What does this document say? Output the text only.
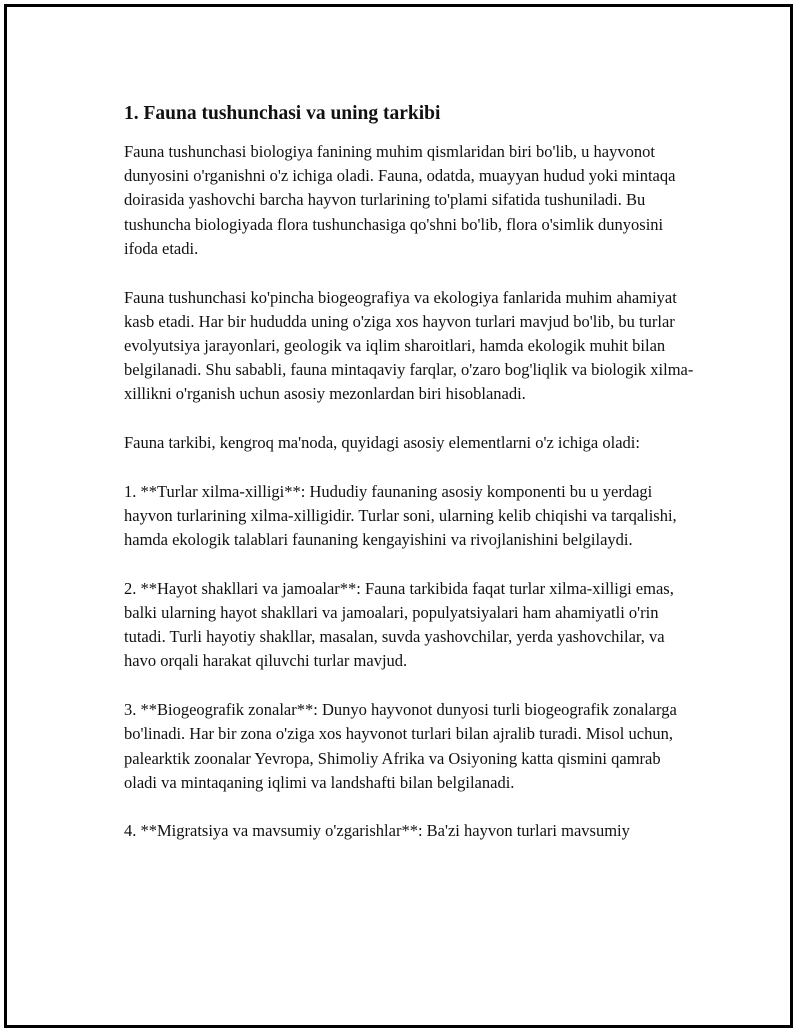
1. Fauna tushunchasi va uning tarkibi

Fauna tushunchasi biologiya fanining muhim qismlaridan biri bo'lib, u hayvonot dunyosini o'rganishni o'z ichiga oladi. Fauna, odatda, muayyan hudud yoki mintaqa doirasida yashovchi barcha hayvon turlarining to'plami sifatida tushuniladi. Bu tushuncha biologiyada flora tushunchasiga qo'shni bo'lib, flora o'simlik dunyosini ifoda etadi.

Fauna tushunchasi ko'pincha biogeografiya va ekologiya fanlarida muhim ahamiyat kasb etadi. Har bir hududda uning o'ziga xos hayvon turlari mavjud bo'lib, bu turlar evolyutsiya jarayonlari, geologik va iqlim sharoitlari, hamda ekologik muhit bilan belgilanadi. Shu sababli, fauna mintaqaviy farqlar, o'zaro bog'liqlik va biologik xilma-xillikni o'rganish uchun asosiy mezonlardan biri hisoblanadi.

Fauna tarkibi, kengroq ma'noda, quyidagi asosiy elementlarni o'z ichiga oladi:

1. **Turlar xilma-xilligi**: Hududiy faunaning asosiy komponenti bu u yerdagi hayvon turlarining xilma-xilligidir. Turlar soni, ularning kelib chiqishi va tarqalishi, hamda ekologik talablari faunaning kengayishini va rivojlanishini belgilaydi.

2. **Hayot shakllari va jamoalar**: Fauna tarkibida faqat turlar xilma-xilligi emas, balki ularning hayot shakllari va jamoalari, populyatsiyalari ham ahamiyatli o'rin tutadi. Turli hayotiy shakllar, masalan, suvda yashovchilar, yerda yashovchilar, va havo orqali harakat qiluvchi turlar mavjud.

3. **Biogeografik zonalar**: Dunyo hayvonot dunyosi turli biogeografik zonalarga bo'linadi. Har bir zona o'ziga xos hayvonot turlari bilan ajralib turadi. Misol uchun, palearktik zoonalar Yevropa, Shimoliy Afrika va Osiyoning katta qismini qamrab oladi va mintaqaning iqlimi va landshafti bilan belgilanadi.

4. **Migratsiya va mavsumiy o'zgarishlar**: Ba'zi hayvon turlari mavsumiy
